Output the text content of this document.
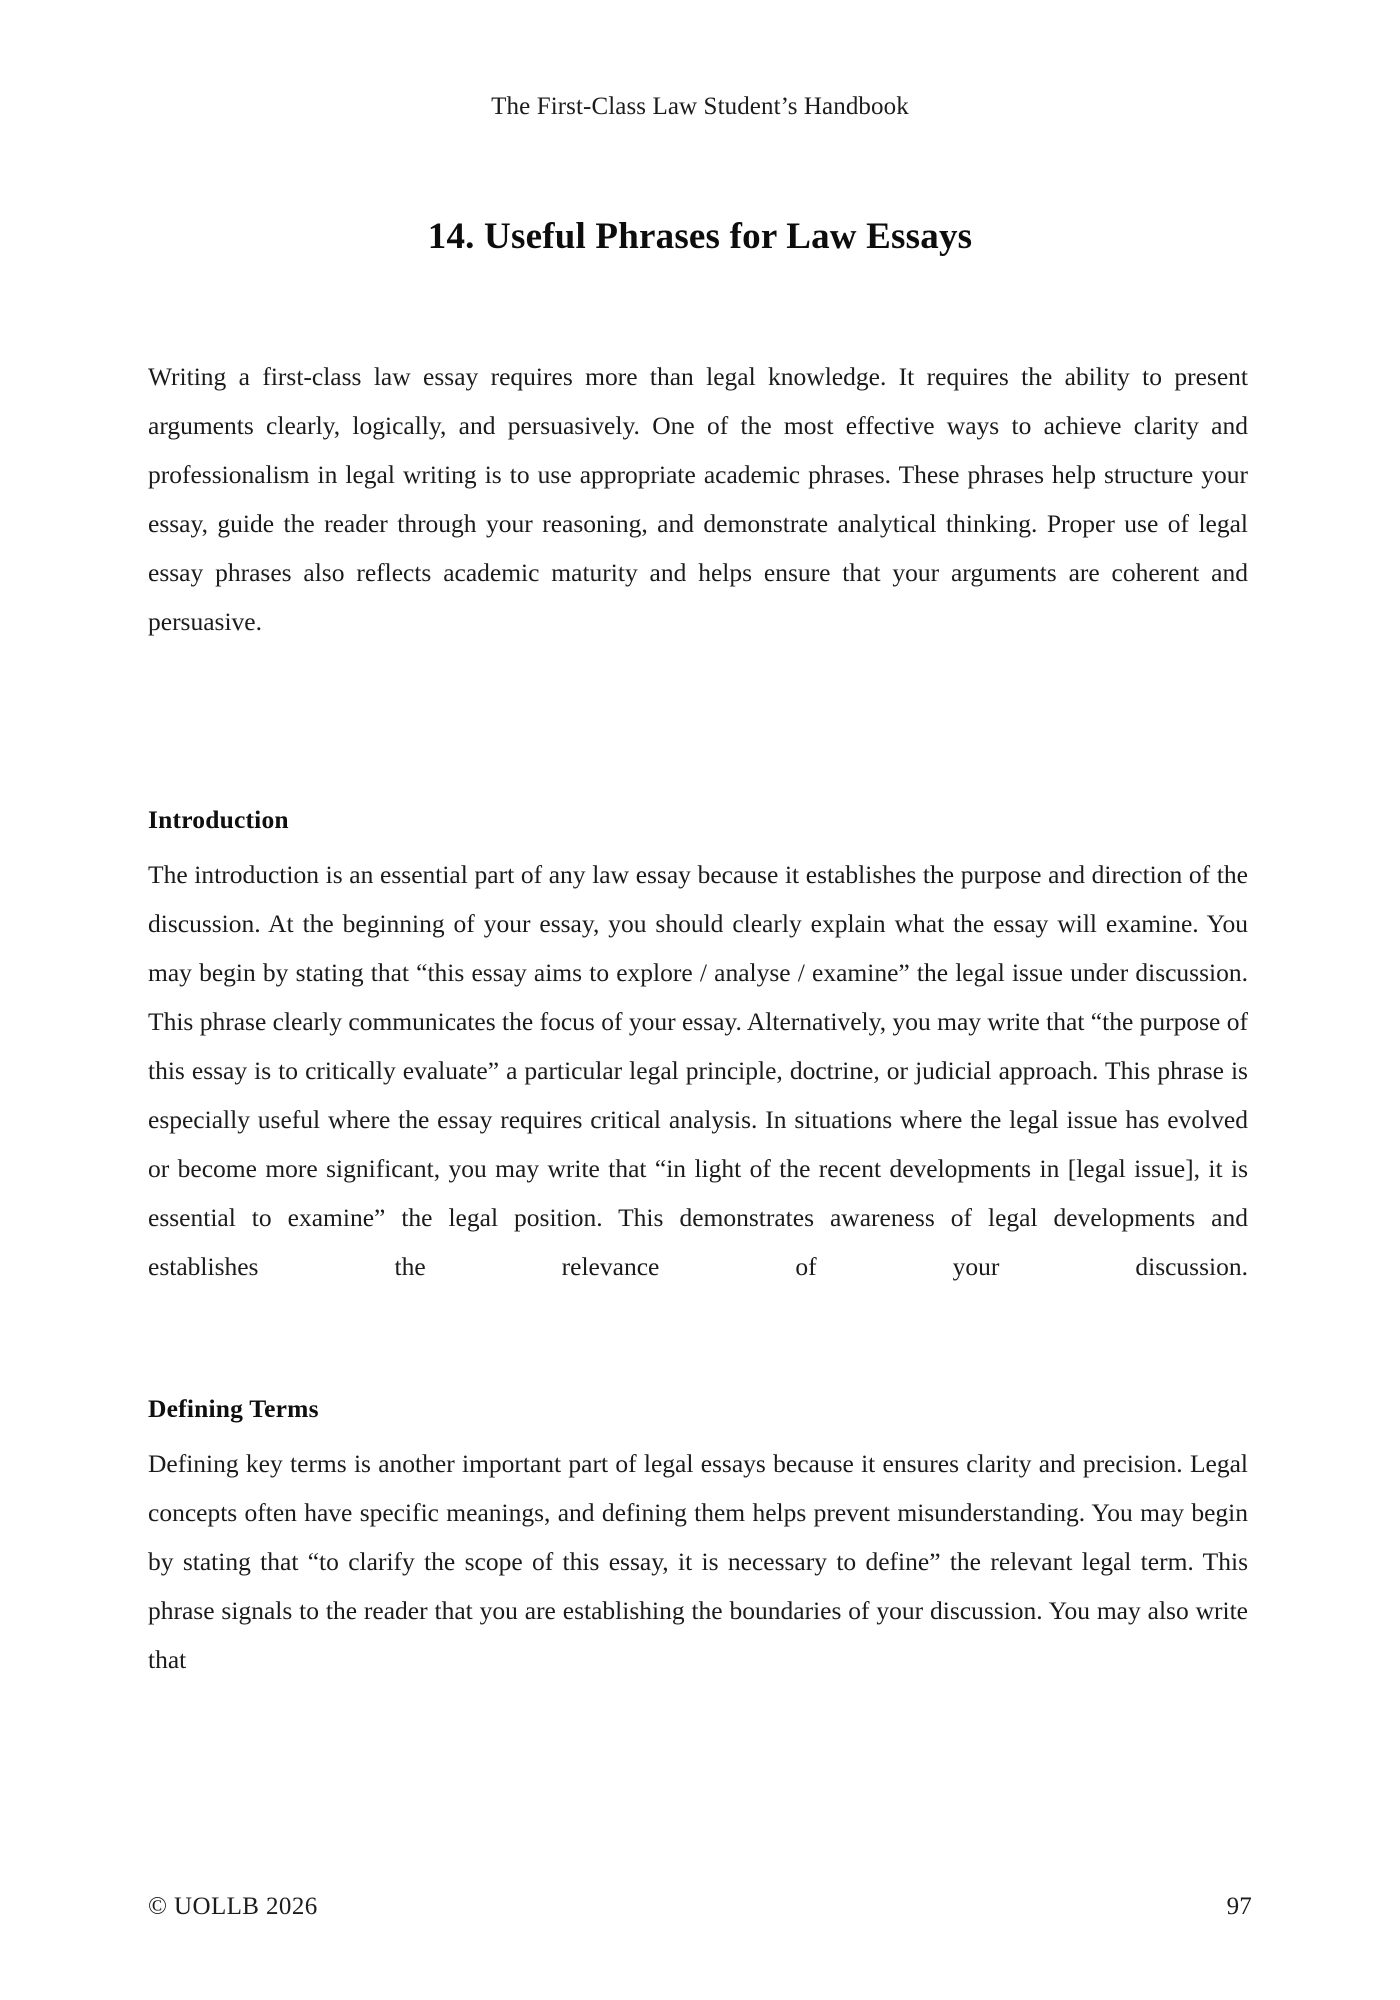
The First-Class Law Student’s Handbook
14. Useful Phrases for Law Essays

Writing a first-class law essay requires more than legal knowledge. It requires the ability to present arguments clearly, logically, and persuasively. One of the most effective ways to achieve clarity and professionalism in legal writing is to use appropriate academic phrases. These phrases help structure your essay, guide the reader through your reasoning, and demonstrate analytical thinking. Proper use of legal essay phrases also reflects academic maturity and helps ensure that your arguments are coherent and persuasive.

Introduction

The introduction is an essential part of any law essay because it establishes the purpose and direction of the discussion. At the beginning of your essay, you should clearly explain what the essay will examine. You may begin by stating that “this essay aims to explore / analyse / examine” the legal issue under discussion. This phrase clearly communicates the focus of your essay. Alternatively, you may write that “the purpose of this essay is to critically evaluate” a particular legal principle, doctrine, or judicial approach. This phrase is especially useful where the essay requires critical analysis. In situations where the legal issue has evolved or become more significant, you may write that “in light of the recent developments in [legal issue], it is essential to examine” the legal position. This demonstrates awareness of legal developments and establishes the relevance of your discussion.

Defining Terms

Defining key terms is another important part of legal essays because it ensures clarity and precision. Legal concepts often have specific meanings, and defining them helps prevent misunderstanding. You may begin by stating that “to clarify the scope of this essay, it is necessary to define” the relevant legal term. This phrase signals to the reader that you are establishing the boundaries of your discussion. You may also write that

© UOLLB 2026	97
